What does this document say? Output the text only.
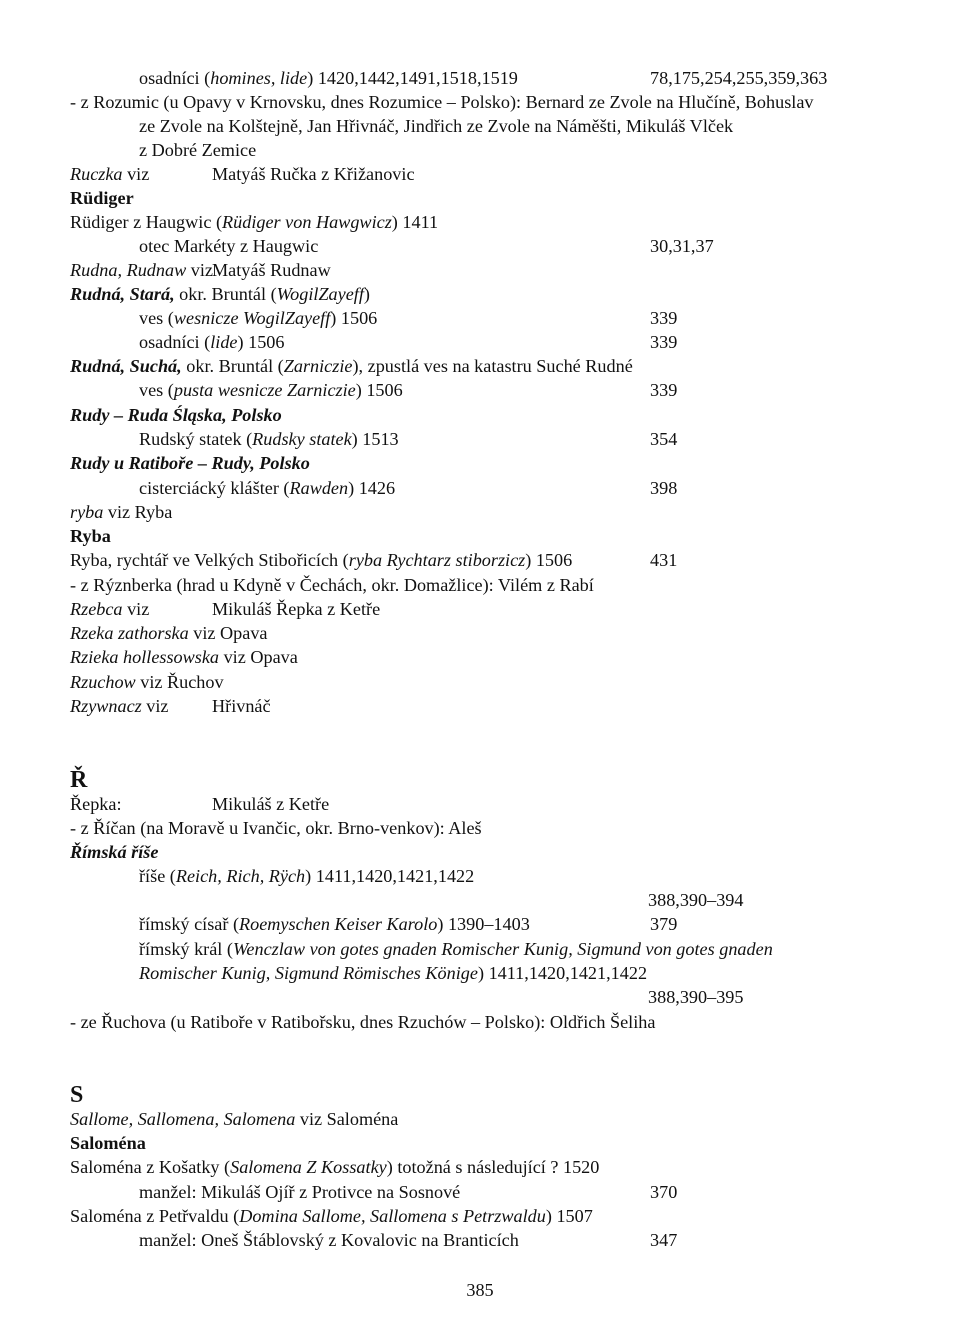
osadníci (homines, lide) 1420,1442,1491,1518,1519	78,175,254,255,359,363
- z Rozumic (u Opavy v Krnovsku, dnes Rozumice – Polsko): Bernard ze Zvole na Hlučíně, Bohuslav
ze Zvole na Kolštejně, Jan Hřivnáč, Jindřich ze Zvole na Náměšti, Mikuláš Vlček
z Dobré Zemice
Ruczka viz	Matyáš Ručka z Křižanovic
Rüdiger
Rüdiger z Haugwic (Rüdiger von Hawgwicz) 1411
otec Markéty z Haugwic	30,31,37
Rudna, Rudnaw viz Matyáš Rudnaw
Rudná, Stará, okr. Bruntál (WogilZayeff)
ves (wesnicze WogilZayeff) 1506	339
osadníci (lide) 1506	339
Rudná, Suchá, okr. Bruntál (Zarniczie), zpustlá ves na katastru Suché Rudné
ves (pusta wesnicze Zarniczie) 1506	339
Rudy – Ruda Śląska, Polsko
Rudský statek (Rudsky statek) 1513	354
Rudy u Ratiboře – Rudy, Polsko
cisterciácký klášter (Rawden) 1426	398
ryba viz Ryba
Ryba
Ryba, rychtář ve Velkých Stibořicích (ryba Rychtarz stiborzicz) 1506	431
- z Rýznberka (hrad u Kdyně v Čechách, okr. Domažlice): Vilém z Rabí
Rzebca viz	Mikuláš Řepka z Ketře
Rzeka zathorska viz Opava
Rzieka hollessowska viz Opava
Rzuchow viz Řuchov
Rzywnacz viz Hřivnáč
Ř
Řepka:	Mikuláš z Ketře
- z Říčan (na Moravě u Ivančic, okr. Brno-venkov): Aleš
Římská říše
říše (Reich, Rich, Rÿch) 1411,1420,1421,1422
388,390–394
římský císař (Roemyschen Keiser Karolo) 1390–1403	379
římský král (Wenczlaw von gotes gnaden Romischer Kunig, Sigmund von gotes gnaden
Romischer Kunig, Sigmund Römisches Könige) 1411,1420,1421,1422
388,390–395
- ze Řuchova (u Ratiboře v Ratibořsku, dnes Rzuchów – Polsko): Oldřich Šeliha
S
Sallome, Sallomena, Salomena viz Saloména
Saloména
Saloména z Košatky (Salomena Z Kossatky) totožná s následující ? 1520
manžel: Mikuláš Ojíř z Protivce na Sosnové	370
Saloména z Petřvaldu (Domina Sallome, Sallomena s Petrzwaldu) 1507
manžel: Oneš Štáblovský z Kovalovic na Branticích	347
385
